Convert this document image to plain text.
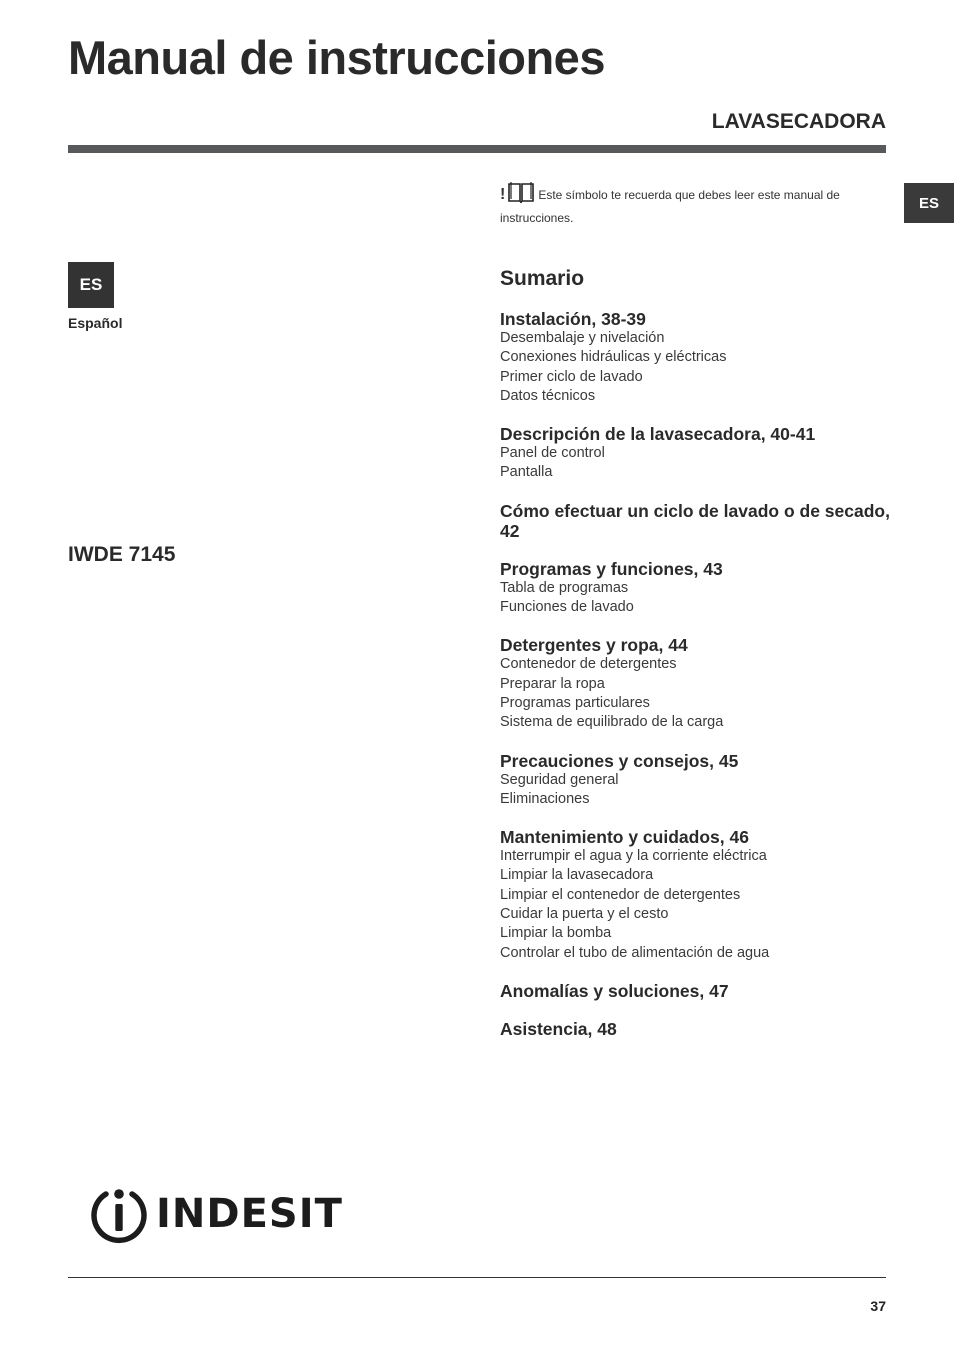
Manual de instrucciones
LAVASECADORA
ES
ES
Español
IWDE 7145
!	Este símbolo te recuerda que debes leer este manual de instrucciones.
Sumario
Instalación, 38-39
Desembalaje y nivelación
Conexiones hidráulicas y eléctricas
Primer ciclo de lavado
Datos técnicos
Descripción de la lavasecadora, 40-41
Panel de control
Pantalla
Cómo efectuar un ciclo de lavado o de secado, 42
Programas y funciones, 43
Tabla de programas
Funciones de lavado
Detergentes y ropa, 44
Contenedor de detergentes
Preparar la ropa
Programas particulares
Sistema de equilibrado de la carga
Precauciones y consejos, 45
Seguridad general
Eliminaciones
Mantenimiento y cuidados, 46
Interrumpir el agua y la corriente eléctrica
Limpiar la lavasecadora
Limpiar el contenedor de detergentes
Cuidar la puerta y el cesto
Limpiar la bomba
Controlar el tubo de alimentación de agua
Anomalías y soluciones, 47
Asistencia, 48
INDESIT
37
